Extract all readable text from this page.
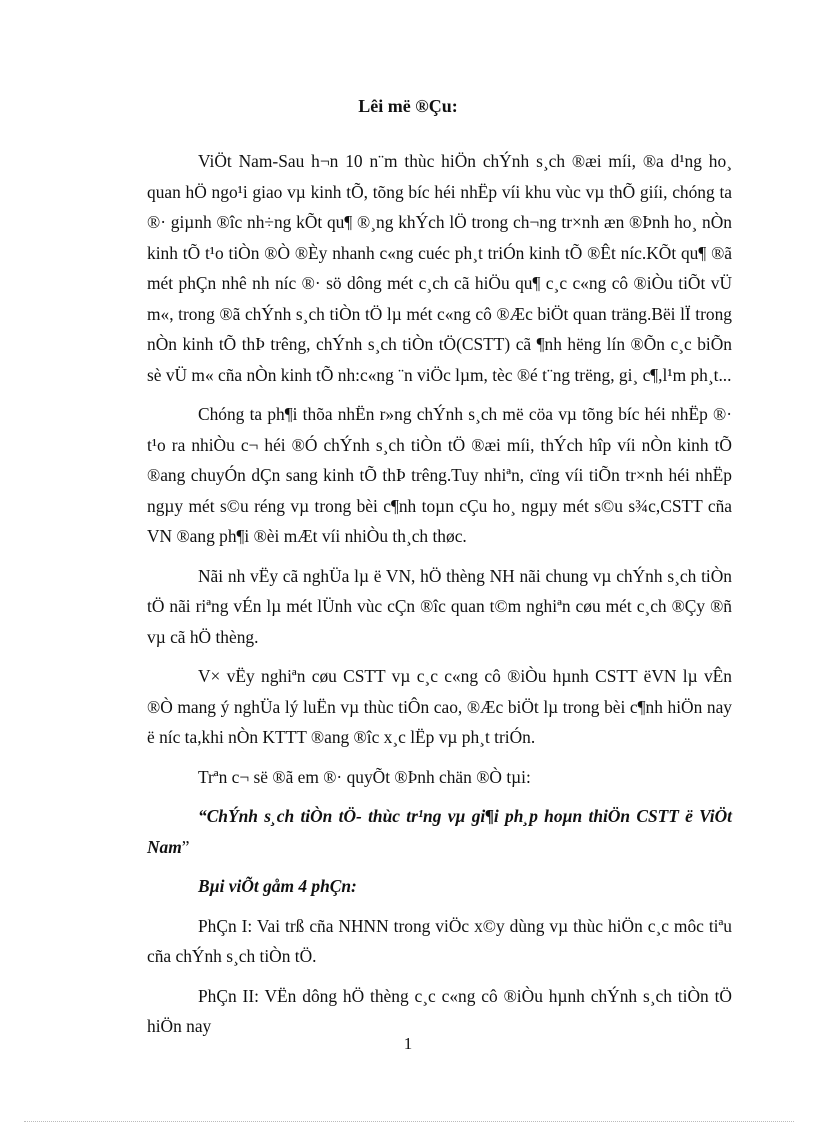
Lêi më ®Çu:

ViÖt Nam-Sau h¬n 10 n¨m thùc hiÖn chÝnh s¸ch ®æi míi, ®a d¹ng ho¸ quan hÖ ngo¹i giao vµ kinh tÕ, tõng bíc héi nhËp víi khu vùc vµ thÕ giíi, chóng ta ®· giµnh ®îc nh÷ng kÕt qu¶ ®¸ng khÝch lÖ trong ch¬ng tr×nh æn ®Þnh ho¸ nÒn kinh tÕ t¹o tiÒn ®Ò ®Èy nhanh c«ng cuéc ph¸t triÓn kinh tÕ ®Êt níc.KÕt qu¶ ®ã mét phÇn nhê nh níc ®· sö dông mét c¸ch cã hiÖu qu¶ c¸c c«ng cô ®iÒu tiÕt vÜ m«, trong ®ã chÝnh s¸ch tiÒn tÖ lµ mét c«ng cô ®Æc biÖt quan träng.Bëi lÏ trong nÒn kinh tÕ thÞ trêng, chÝnh s¸ch tiÒn tÖ(CSTT) cã ¶nh hëng lín ®Õn c¸c biÕn sè vÜ m« cña nÒn kinh tÕ nh:c«ng ¨n viÖc lµm, tèc ®é t¨ng trëng, gi¸ c¶,l¹m ph¸t...

Chóng ta ph¶i thõa nhËn r»ng chÝnh s¸ch më cöa vµ tõng bíc héi nhËp ®· t¹o ra nhiÒu c¬ héi ®Ó chÝnh s¸ch tiÒn tÖ ®æi míi, thÝch hîp víi nÒn kinh tÕ ®ang chuyÓn dÇn sang kinh tÕ thÞ trêng.Tuy nhiªn, cïng víi tiÕn tr×nh héi nhËp ngµy mét s©u réng vµ trong bèi c¶nh toµn cÇu ho¸ ngµy mét s©u s¾c,CSTT cña VN ®ang ph¶i ®èi mÆt víi nhiÒu th¸ch thøc.

Nãi nh vËy cã nghÜa lµ ë VN, hÖ thèng NH nãi chung vµ chÝnh s¸ch tiÒn tÖ nãi riªng vÉn lµ mét lÜnh vùc cÇn ®îc quan t©m nghiªn cøu mét c¸ch ®Çy ®ñ vµ cã hÖ thèng.

V× vËy nghiªn cøu CSTT vµ c¸c c«ng cô ®iÒu hµnh CSTT ëVN lµ vÊn ®Ò mang ý nghÜa lý luËn vµ thùc tiÔn cao, ®Æc biÖt lµ trong bèi c¶nh hiÖn nay ë níc ta,khi nÒn KTTT ®ang ®îc x¸c lËp vµ ph¸t triÓn.

Trªn c¬ së ®ã em ®· quyÕt ®Þnh chän ®Ò tµi:

“ChÝnh s¸ch tiÒn tÖ- thùc tr¹ng vµ gi¶i ph¸p hoµn thiÖn CSTT ë ViÖt Nam”

Bµi viÕt gåm 4 phÇn:

PhÇn I: Vai trß cña NHNN trong viÖc x©y dùng vµ thùc hiÖn c¸c môc tiªu cña chÝnh s¸ch tiÒn tÖ.

PhÇn II: VËn dông hÖ thèng c¸c c«ng cô ®iÒu hµnh chÝnh s¸ch tiÒn tÖ hiÖn nay

1
